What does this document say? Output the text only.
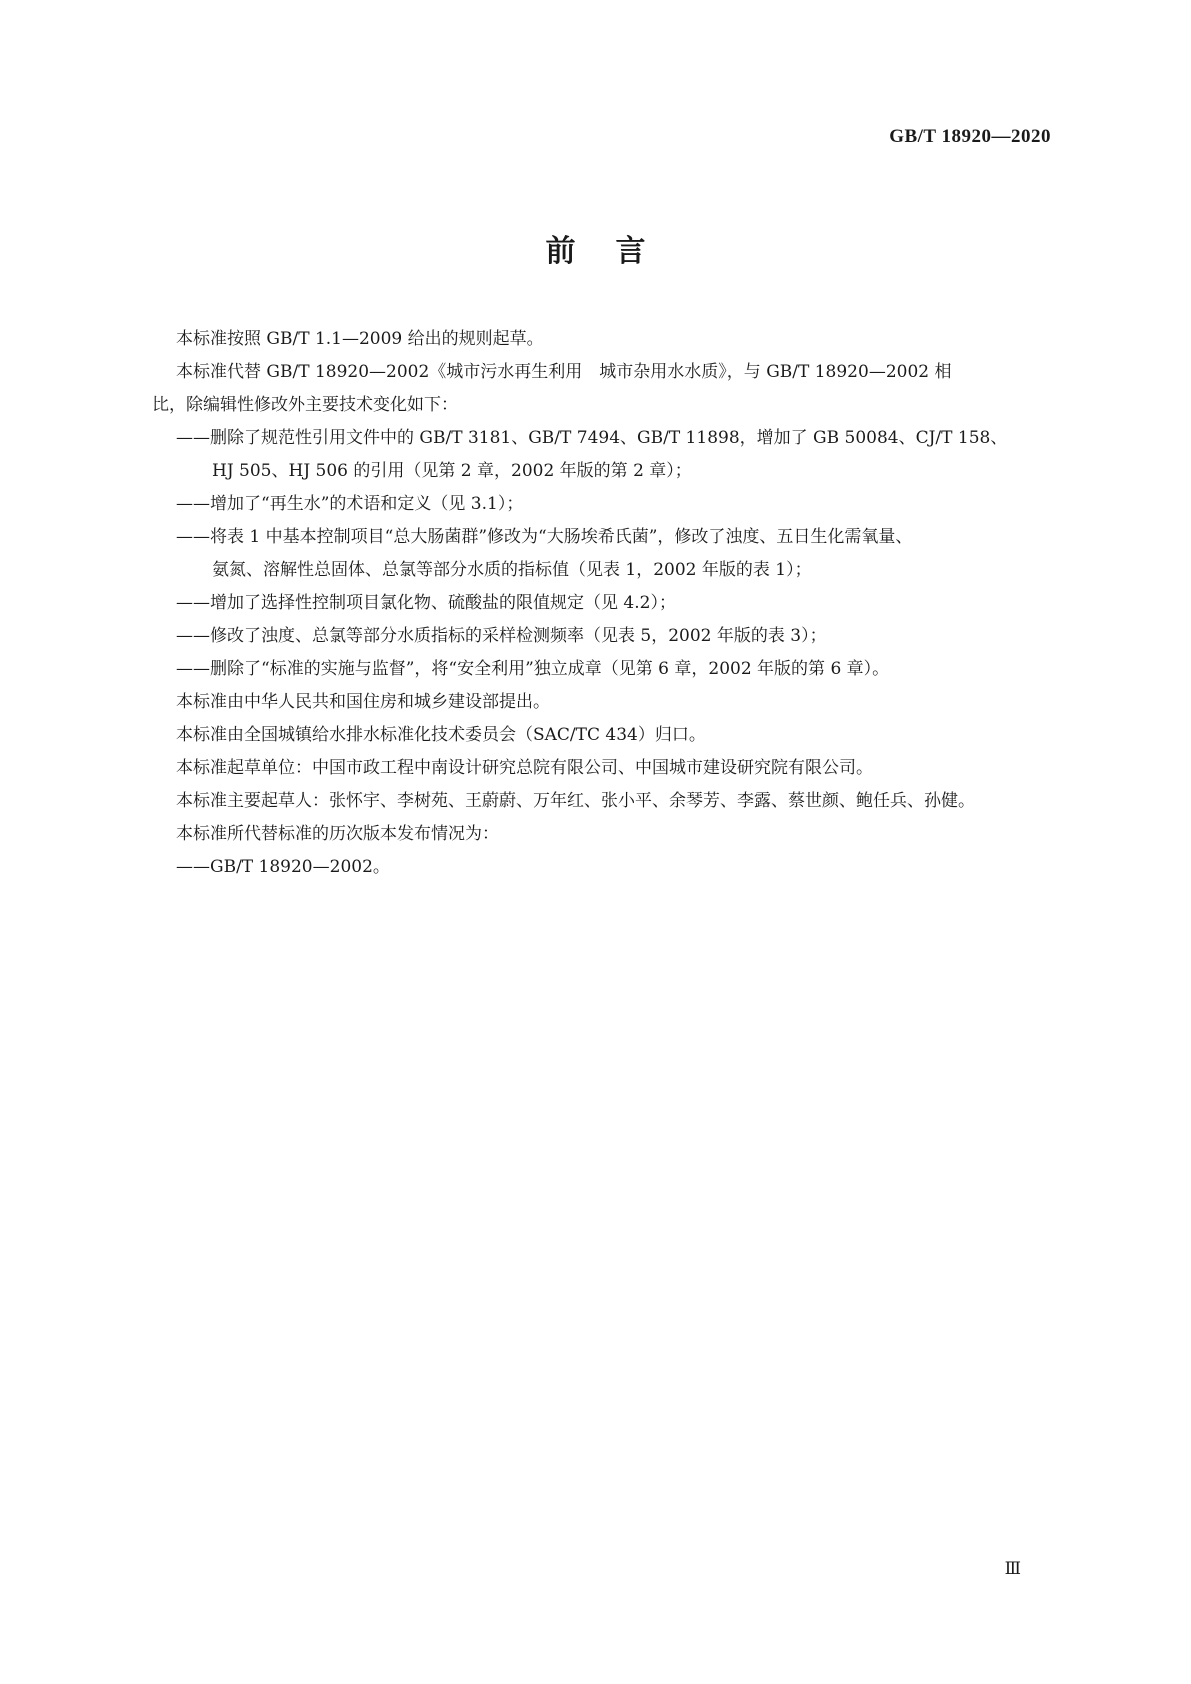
GB/T 18920—2020
前言

本标准按照 GB/T 1.1—2009 给出的规则起草。

本标准代替 GB/T 18920—2002《城市污水再生利用　城市杂用水水质》，与 GB/T 18920—2002 相

比，除编辑性修改外主要技术变化如下：

——删除了规范性引用文件中的 GB/T 3181、GB/T 7494、GB/T 11898，增加了 GB 50084、CJ/T 158、
HJ 505、HJ 506 的引用（见第 2 章，2002 年版的第 2 章）；
——增加了“再生水”的术语和定义（见 3.1）；
——将表 1 中基本控制项目“总大肠菌群”修改为“大肠埃希氏菌”，修改了浊度、五日生化需氧量、
氨氮、溶解性总固体、总氯等部分水质的指标值（见表 1，2002 年版的表 1）；
——增加了选择性控制项目氯化物、硫酸盐的限值规定（见 4.2）；
——修改了浊度、总氯等部分水质指标的采样检测频率（见表 5，2002 年版的表 3）；
——删除了“标准的实施与监督”，将“安全利用”独立成章（见第 6 章，2002 年版的第 6 章）。

本标准由中华人民共和国住房和城乡建设部提出。

本标准由全国城镇给水排水标准化技术委员会（SAC/TC 434）归口。

本标准起草单位：中国市政工程中南设计研究总院有限公司、中国城市建设研究院有限公司。

本标准主要起草人：张怀宇、李树苑、王蔚蔚、万年红、张小平、余琴芳、李露、蔡世颜、鲍任兵、孙健。

本标准所代替标准的历次版本发布情况为：

——GB/T 18920—2002。

Ⅲ
